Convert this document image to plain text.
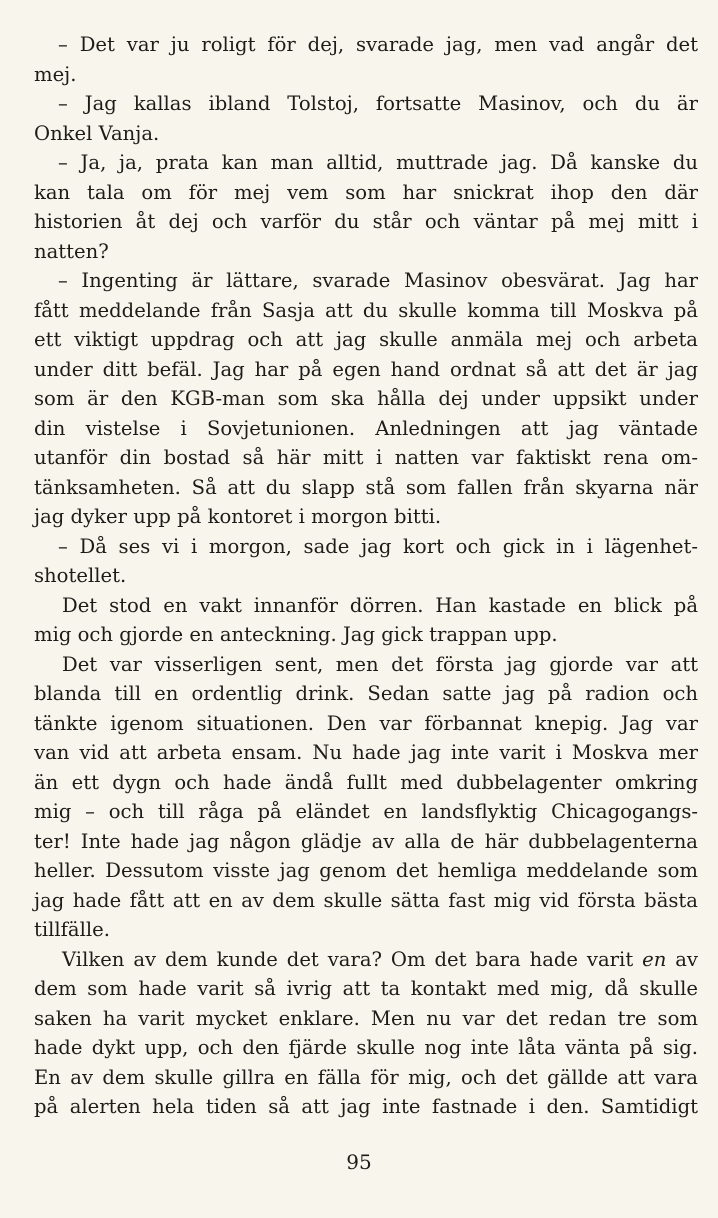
– Det var ju roligt för dej, svarade jag, men vad angår det
mej.
– Jag kallas ibland Tolstoj, fortsatte Masinov, och du är
Onkel Vanja.
– Ja, ja, prata kan man alltid, muttrade jag. Då kanske du
kan tala om för mej vem som har snickrat ihop den där
historien åt dej och varför du står och väntar på mej mitt i
natten?
– Ingenting är lättare, svarade Masinov obesvärat. Jag har
fått meddelande från Sasja att du skulle komma till Moskva på
ett viktigt uppdrag och att jag skulle anmäla mej och arbeta
under ditt befäl. Jag har på egen hand ordnat så att det är jag
som är den KGB-man som ska hålla dej under uppsikt under
din vistelse i Sovjetunionen. Anledningen att jag väntade
utanför din bostad så här mitt i natten var faktiskt rena om-
tänksamheten. Så att du slapp stå som fallen från skyarna när
jag dyker upp på kontoret i morgon bitti.
– Då ses vi i morgon, sade jag kort och gick in i lägenhet-
shotellet.
Det stod en vakt innanför dörren. Han kastade en blick på
mig och gjorde en anteckning. Jag gick trappan upp.
Det var visserligen sent, men det första jag gjorde var att
blanda till en ordentlig drink. Sedan satte jag på radion och
tänkte igenom situationen. Den var förbannat knepig. Jag var
van vid att arbeta ensam. Nu hade jag inte varit i Moskva mer
än ett dygn och hade ändå fullt med dubbelagenter omkring
mig – och till råga på eländet en landsflyktig Chicagogangs-
ter! Inte hade jag någon glädje av alla de här dubbelagenterna
heller. Dessutom visste jag genom det hemliga meddelande som
jag hade fått att en av dem skulle sätta fast mig vid första bästa
tillfälle.
Vilken av dem kunde det vara? Om det bara hade varit en av
dem som hade varit så ivrig att ta kontakt med mig, då skulle
saken ha varit mycket enklare. Men nu var det redan tre som
hade dykt upp, och den fjärde skulle nog inte låta vänta på sig.
En av dem skulle gillra en fälla för mig, och det gällde att vara
på alerten hela tiden så att jag inte fastnade i den. Samtidigt
95
